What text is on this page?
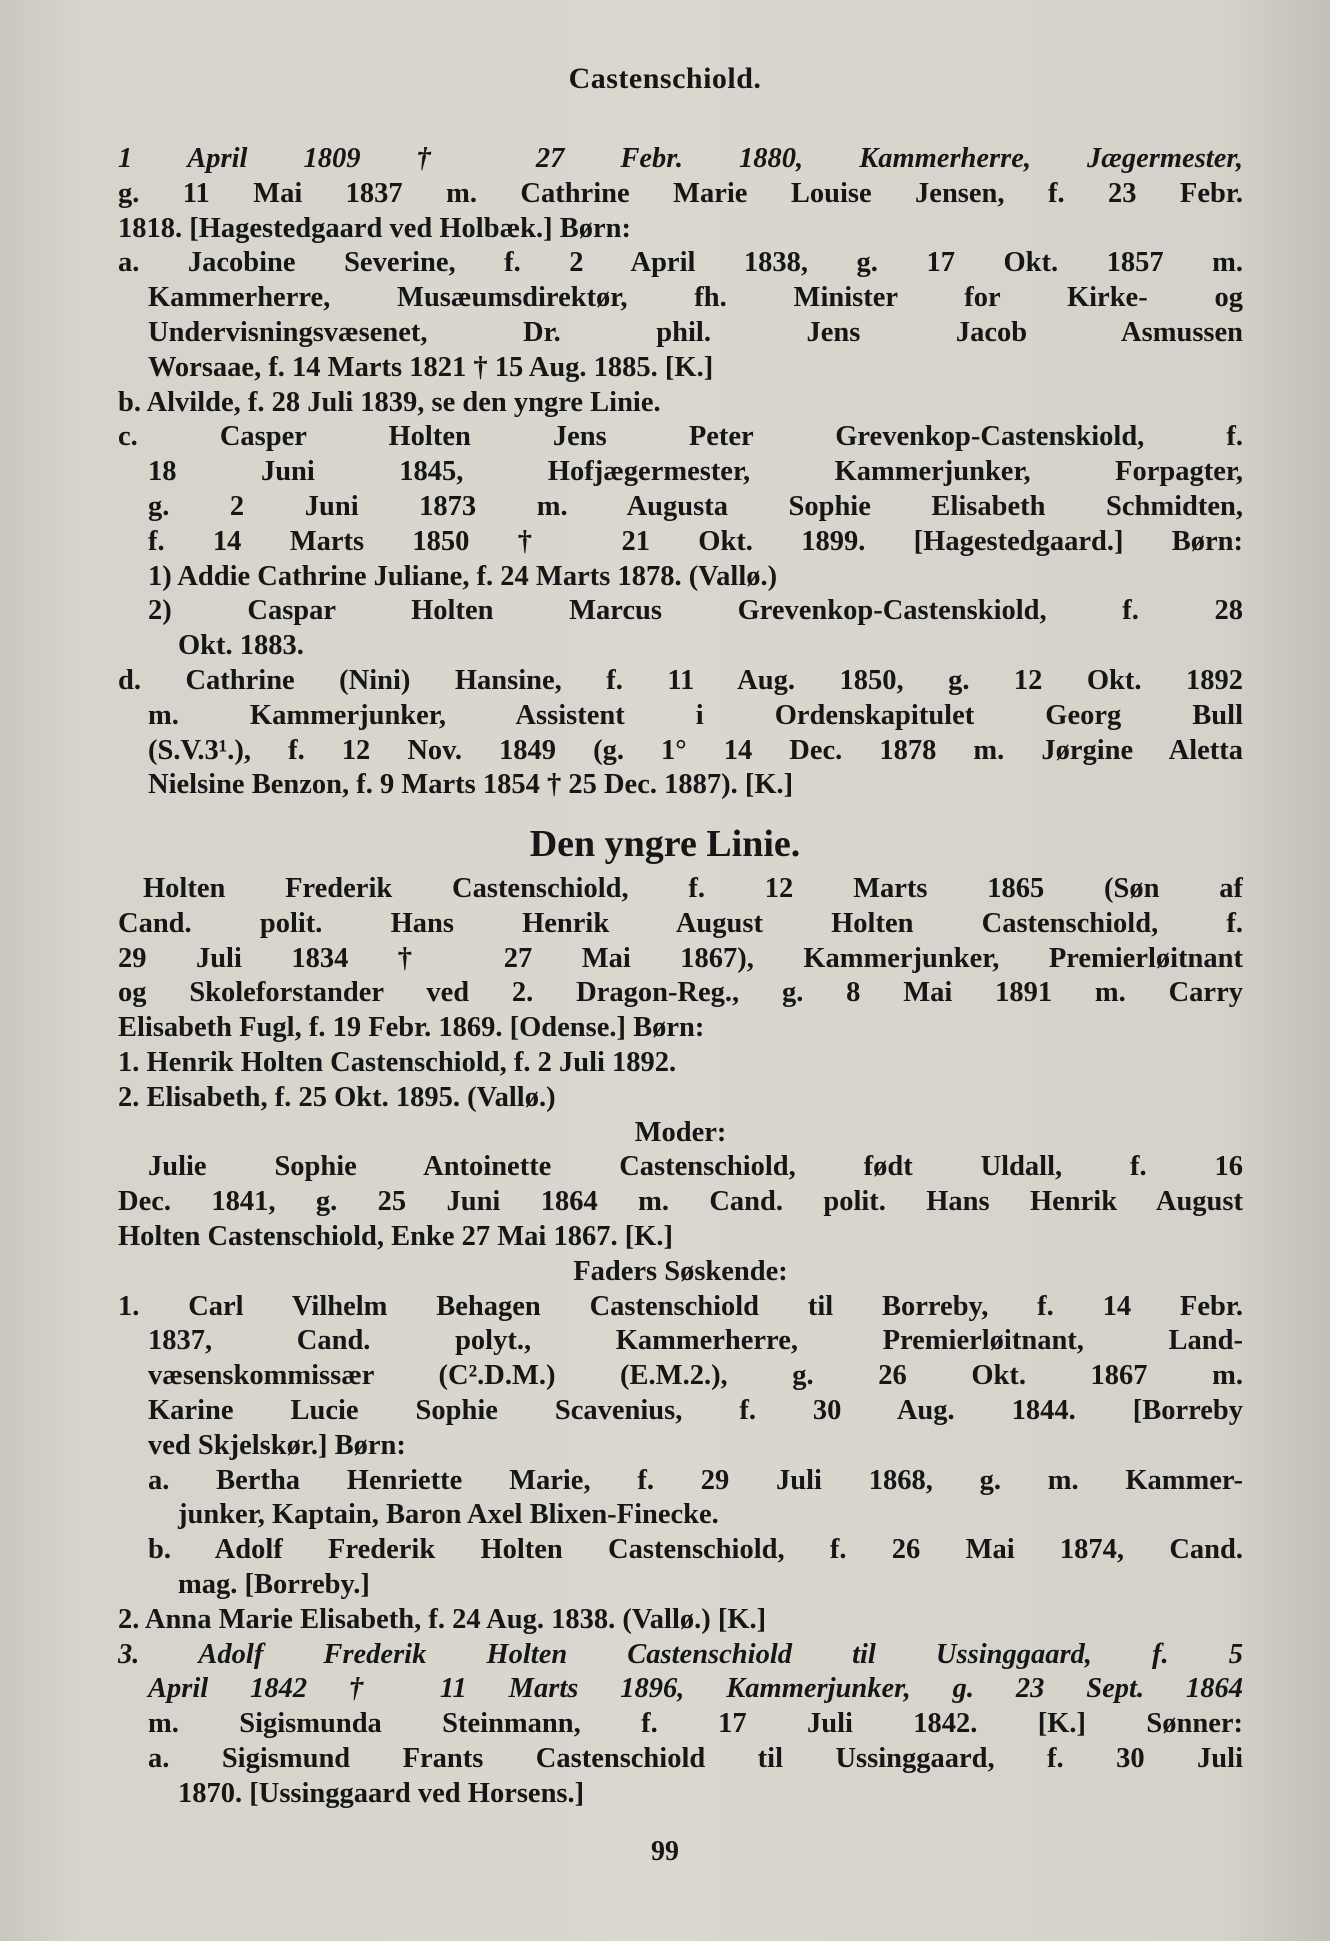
Castenschiold.
1 April 1809 † 27 Febr. 1880, Kammerherre, Jægermester,
g. 11 Mai 1837 m. Cathrine Marie Louise Jensen, f. 23 Febr.
1818. [Hagestedgaard ved Holbæk.] Børn:
a. Jacobine Severine, f. 2 April 1838, g. 17 Okt. 1857 m.
Kammerherre, Musæumsdirektør, fh. Minister for Kirke- og
Undervisningsvæsenet, Dr. phil. Jens Jacob Asmussen
Worsaae, f. 14 Marts 1821 † 15 Aug. 1885. [K.]
b. Alvilde, f. 28 Juli 1839, se den yngre Linie.
c. Casper Holten Jens Peter Grevenkop-Castenskiold, f.
18 Juni 1845, Hofjægermester, Kammerjunker, Forpagter,
g. 2 Juni 1873 m. Augusta Sophie Elisabeth Schmidten,
f. 14 Marts 1850 † 21 Okt. 1899. [Hagestedgaard.] Børn:
1) Addie Cathrine Juliane, f. 24 Marts 1878. (Vallø.)
2) Caspar Holten Marcus Grevenkop-Castenskiold, f. 28
Okt. 1883.
d. Cathrine (Nini) Hansine, f. 11 Aug. 1850, g. 12 Okt. 1892
m. Kammerjunker, Assistent i Ordenskapitulet Georg Bull
(S.V.3¹.), f. 12 Nov. 1849 (g. 1° 14 Dec. 1878 m. Jørgine Aletta
Nielsine Benzon, f. 9 Marts 1854 † 25 Dec. 1887). [K.]
Den yngre Linie.
Holten Frederik Castenschiold, f. 12 Marts 1865 (Søn af
Cand. polit. Hans Henrik August Holten Castenschiold, f.
29 Juli 1834 † 27 Mai 1867), Kammerjunker, Premierløitnant
og Skoleforstander ved 2. Dragon-Reg., g. 8 Mai 1891 m. Carry
Elisabeth Fugl, f. 19 Febr. 1869. [Odense.] Børn:
1. Henrik Holten Castenschiold, f. 2 Juli 1892.
2. Elisabeth, f. 25 Okt. 1895. (Vallø.)
Moder:
Julie Sophie Antoinette Castenschiold, født Uldall, f. 16
Dec. 1841, g. 25 Juni 1864 m. Cand. polit. Hans Henrik August
Holten Castenschiold, Enke 27 Mai 1867. [K.]
Faders Søskende:
1. Carl Vilhelm Behagen Castenschiold til Borreby, f. 14 Febr.
1837, Cand. polyt., Kammerherre, Premierløitnant, Land-
væsenskommissær (C².D.M.) (E.M.2.), g. 26 Okt. 1867 m.
Karine Lucie Sophie Scavenius, f. 30 Aug. 1844. [Borreby
ved Skjelskør.] Børn:
a. Bertha Henriette Marie, f. 29 Juli 1868, g. m. Kammer-
junker, Kaptain, Baron Axel Blixen-Finecke.
b. Adolf Frederik Holten Castenschiold, f. 26 Mai 1874, Cand.
mag. [Borreby.]
2. Anna Marie Elisabeth, f. 24 Aug. 1838. (Vallø.) [K.]
3. Adolf Frederik Holten Castenschiold til Ussinggaard, f. 5
April 1842 † 11 Marts 1896, Kammerjunker, g. 23 Sept. 1864
m. Sigismunda Steinmann, f. 17 Juli 1842. [K.] Sønner:
a. Sigismund Frants Castenschiold til Ussinggaard, f. 30 Juli
1870. [Ussinggaard ved Horsens.]
99
